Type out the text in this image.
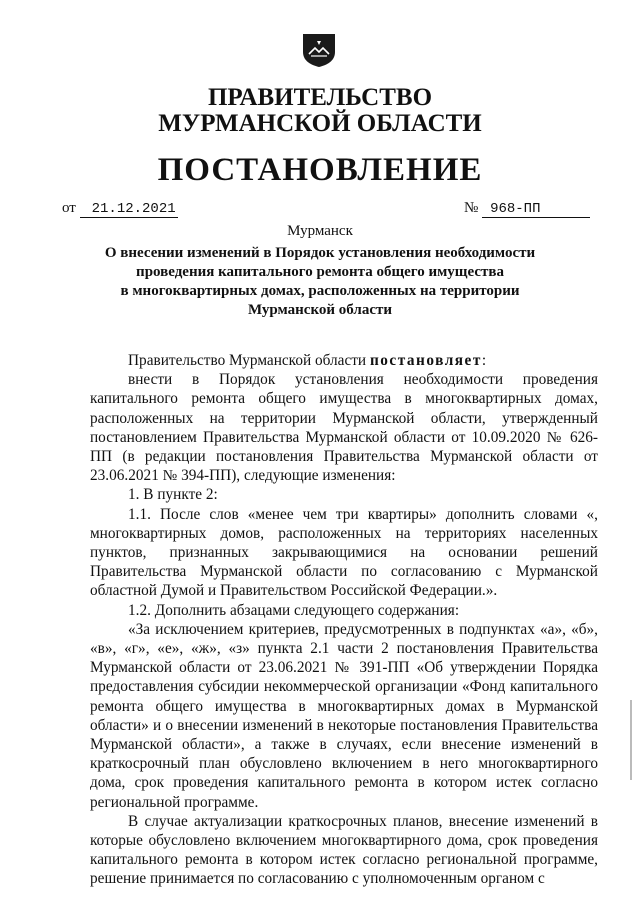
ПРАВИТЕЛЬСТВО
МУРМАНСКОЙ ОБЛАСТИ
ПОСТАНОВЛЕНИЕ
от 21.12.2021	№ 968-ПП
Мурманск
О внесении изменений в Порядок установления необходимости
проведения капитального ремонта общего имущества
в многоквартирных домах, расположенных на территории
Мурманской области

Правительство Мурманской области постановляет:

внести в Порядок установления необходимости проведения капитального ремонта общего имущества в многоквартирных домах, расположенных на территории Мурманской области, утвержденный постановлением Правительства Мурманской области от 10.09.2020 № 626-ПП (в редакции постановления Правительства Мурманской области от 23.06.2021 № 394-ПП), следующие изменения:

1. В пункте 2:

1.1. После слов «менее чем три квартиры» дополнить словами «, многоквартирных домов, расположенных на территориях населенных пунктов, признанных закрывающимися на основании решений Правительства Мурманской области по согласованию с Мурманской областной Думой и Правительством Российской Федерации.».

1.2. Дополнить абзацами следующего содержания:

«За исключением критериев, предусмотренных в подпунктах «а», «б», «в», «г», «е», «ж», «з» пункта 2.1 части 2 постановления Правительства Мурманской области от 23.06.2021 № 391-ПП «Об утверждении Порядка предоставления субсидии некоммерческой организации «Фонд капитального ремонта общего имущества в многоквартирных домах в Мурманской области» и о внесении изменений в некоторые постановления Правительства Мурманской области», а также в случаях, если внесение изменений в краткосрочный план обусловлено включением в него многоквартирного дома, срок проведения капитального ремонта в котором истек согласно региональной программе.

В случае актуализации краткосрочных планов, внесение изменений в которые обусловлено включением многоквартирного дома, срок проведения капитального ремонта в котором истек согласно региональной программе, решение принимается по согласованию с уполномоченным органом с
